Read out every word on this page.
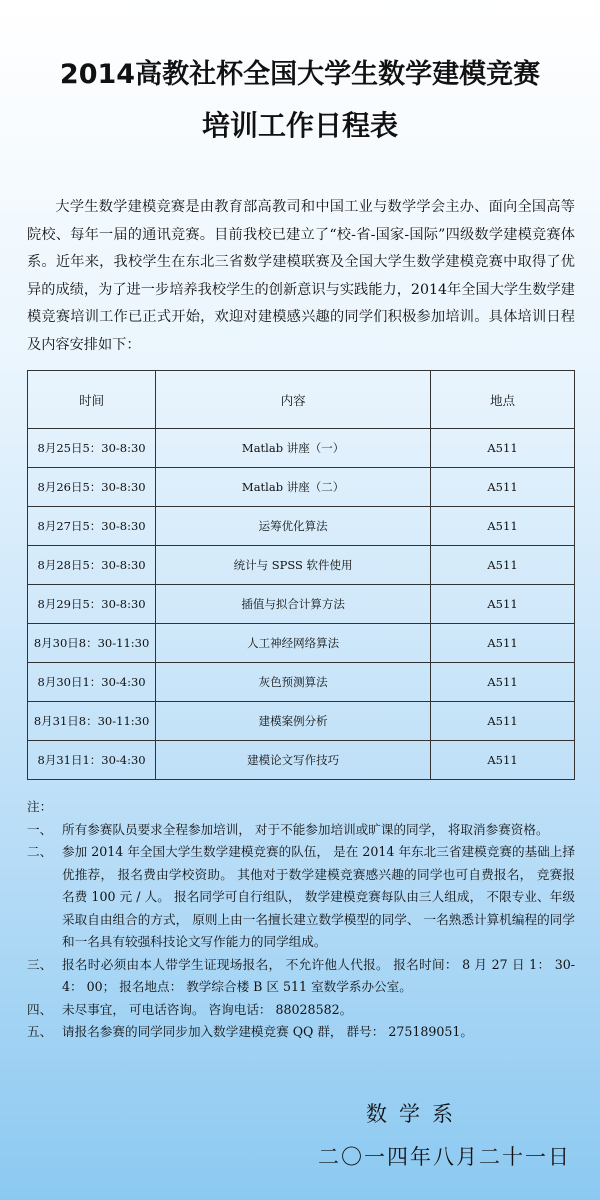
2014高教社杯全国大学生数学建模竞赛
培训工作日程表

大学生数学建模竞赛是由教育部高教司和中国工业与数学学会主办、面向全国高等院校、每年一届的通讯竞赛。目前我校已建立了“校-省-国家-国际”四级数学建模竞赛体系。近年来，我校学生在东北三省数学建模联赛及全国大学生数学建模竞赛中取得了优异的成绩，为了进一步培养我校学生的创新意识与实践能力，2014年全国大学生数学建模竞赛培训工作已正式开始，欢迎对建模感兴趣的同学们积极参加培训。具体培训日程及内容安排如下：

时间	内容	地点
8月25日5：30-8:30	Matlab 讲座（一）	A511
8月26日5：30-8:30	Matlab 讲座（二）	A511
8月27日5：30-8:30	运筹优化算法	A511
8月28日5：30-8:30	统计与 SPSS 软件使用	A511
8月29日5：30-8:30	插值与拟合计算方法	A511
8月30日8：30-11:30	人工神经网络算法	A511
8月30日1：30-4:30	灰色预测算法	A511
8月31日8：30-11:30	建模案例分析	A511
8月31日1：30-4:30	建模论文写作技巧	A511

注：

一、 所有参赛队员要求全程参加培训， 对于不能参加培训或旷课的同学， 将取消参赛资格。
二、 参加 2014 年全国大学生数学建模竞赛的队伍， 是在 2014 年东北三省建模竞赛的基础上择优推荐， 报名费由学校资助。 其他对于数学建模竞赛感兴趣的同学也可自费报名， 竞赛报名费 100 元 / 人。 报名同学可自行组队， 数学建模竞赛每队由三人组成， 不限专业、年级采取自由组合的方式， 原则上由一名擅长建立数学模型的同学、 一名熟悉计算机编程的同学和一名具有较强科技论文写作能力的同学组成。
三、 报名时必须由本人带学生证现场报名， 不允许他人代报。 报名时间： 8 月 27 日 1： 30-4： 00； 报名地点： 教学综合楼 B 区 511 室数学系办公室。
四、 未尽事宜， 可电话咨询。 咨询电话： 88028582。
五、 请报名参赛的同学同步加入数学建模竞赛 QQ 群， 群号： 275189051。
数学系
二〇一四年八月二十一日
